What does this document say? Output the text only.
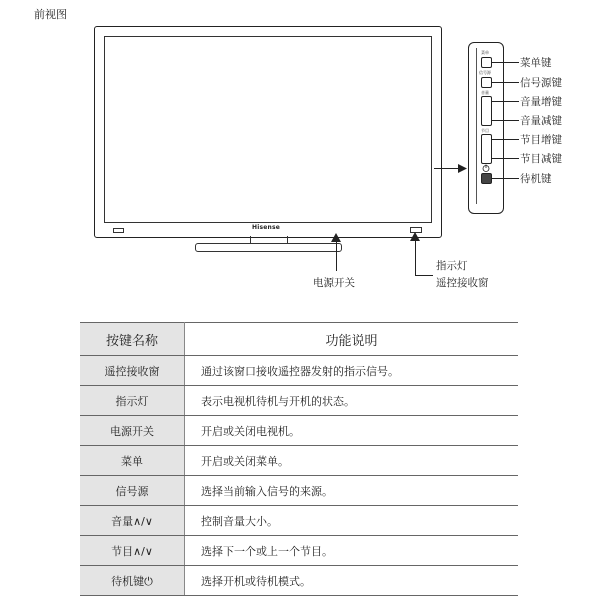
前视图
Hisense
菜单
信号源
音量
节目
菜单键
信号源键
音量增键
音量减键
节目增键
节目减键
待机键
电源开关
指示灯
遥控接收窗
按键名称	功能说明
遥控接收窗	通过该窗口接收遥控器发射的指示信号。
指示灯	表示电视机待机与开机的状态。
电源开关	开启或关闭电视机。
菜单	开启或关闭菜单。
信号源	选择当前输入信号的来源。
音量∧/∨	控制音量大小。
节目∧/∨	选择下一个或上一个节目。
待机键⏻	选择开机或待机模式。
